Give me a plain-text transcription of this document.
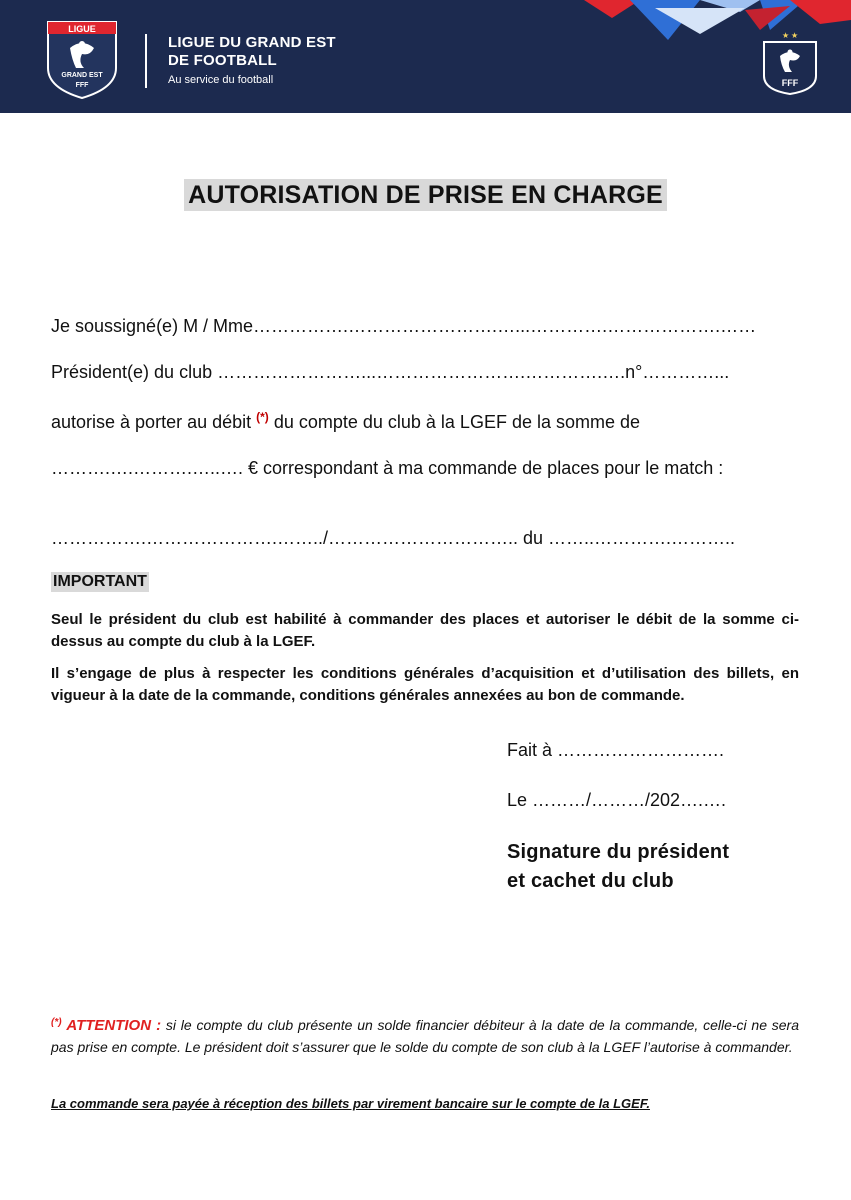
LIGUE
GRAND EST
FFF
LIGUE DU GRAND EST
DE FOOTBALL
Au service du football
★ ★
FFF
AUTORISATION DE PRISE EN CHARGE
Je soussigné(e) M / Mme…………….…………………….…...………….……………….……
Président(e) du club ……………………...…………………….………….….n°…………...
autorise à porter au débit (*) du compte du club à la LGEF de la somme de
……….….……….…..…. € correspondant à ma commande de places pour le match :
…………….………………….……../………………………….. du ……..………….………..
IMPORTANT
Seul le président du club est habilité à commander des places et autoriser le débit de la somme ci-dessus au compte du club à la LGEF.
Il s’engage de plus à respecter les conditions générales d’acquisition et d’utilisation des billets, en vigueur à la date de la commande, conditions générales annexées au bon de commande.
Fait à ……………………….
Le ………/………/202….….
Signature du président
et cachet du club
(*) ATTENTION : si le compte du club présente un solde financier débiteur à la date de la commande, celle-ci ne sera pas prise en compte. Le président doit s’assurer que le solde du compte de son club à la LGEF l’autorise à commander.
La commande sera payée à réception des billets par virement bancaire sur le compte de la LGEF.
